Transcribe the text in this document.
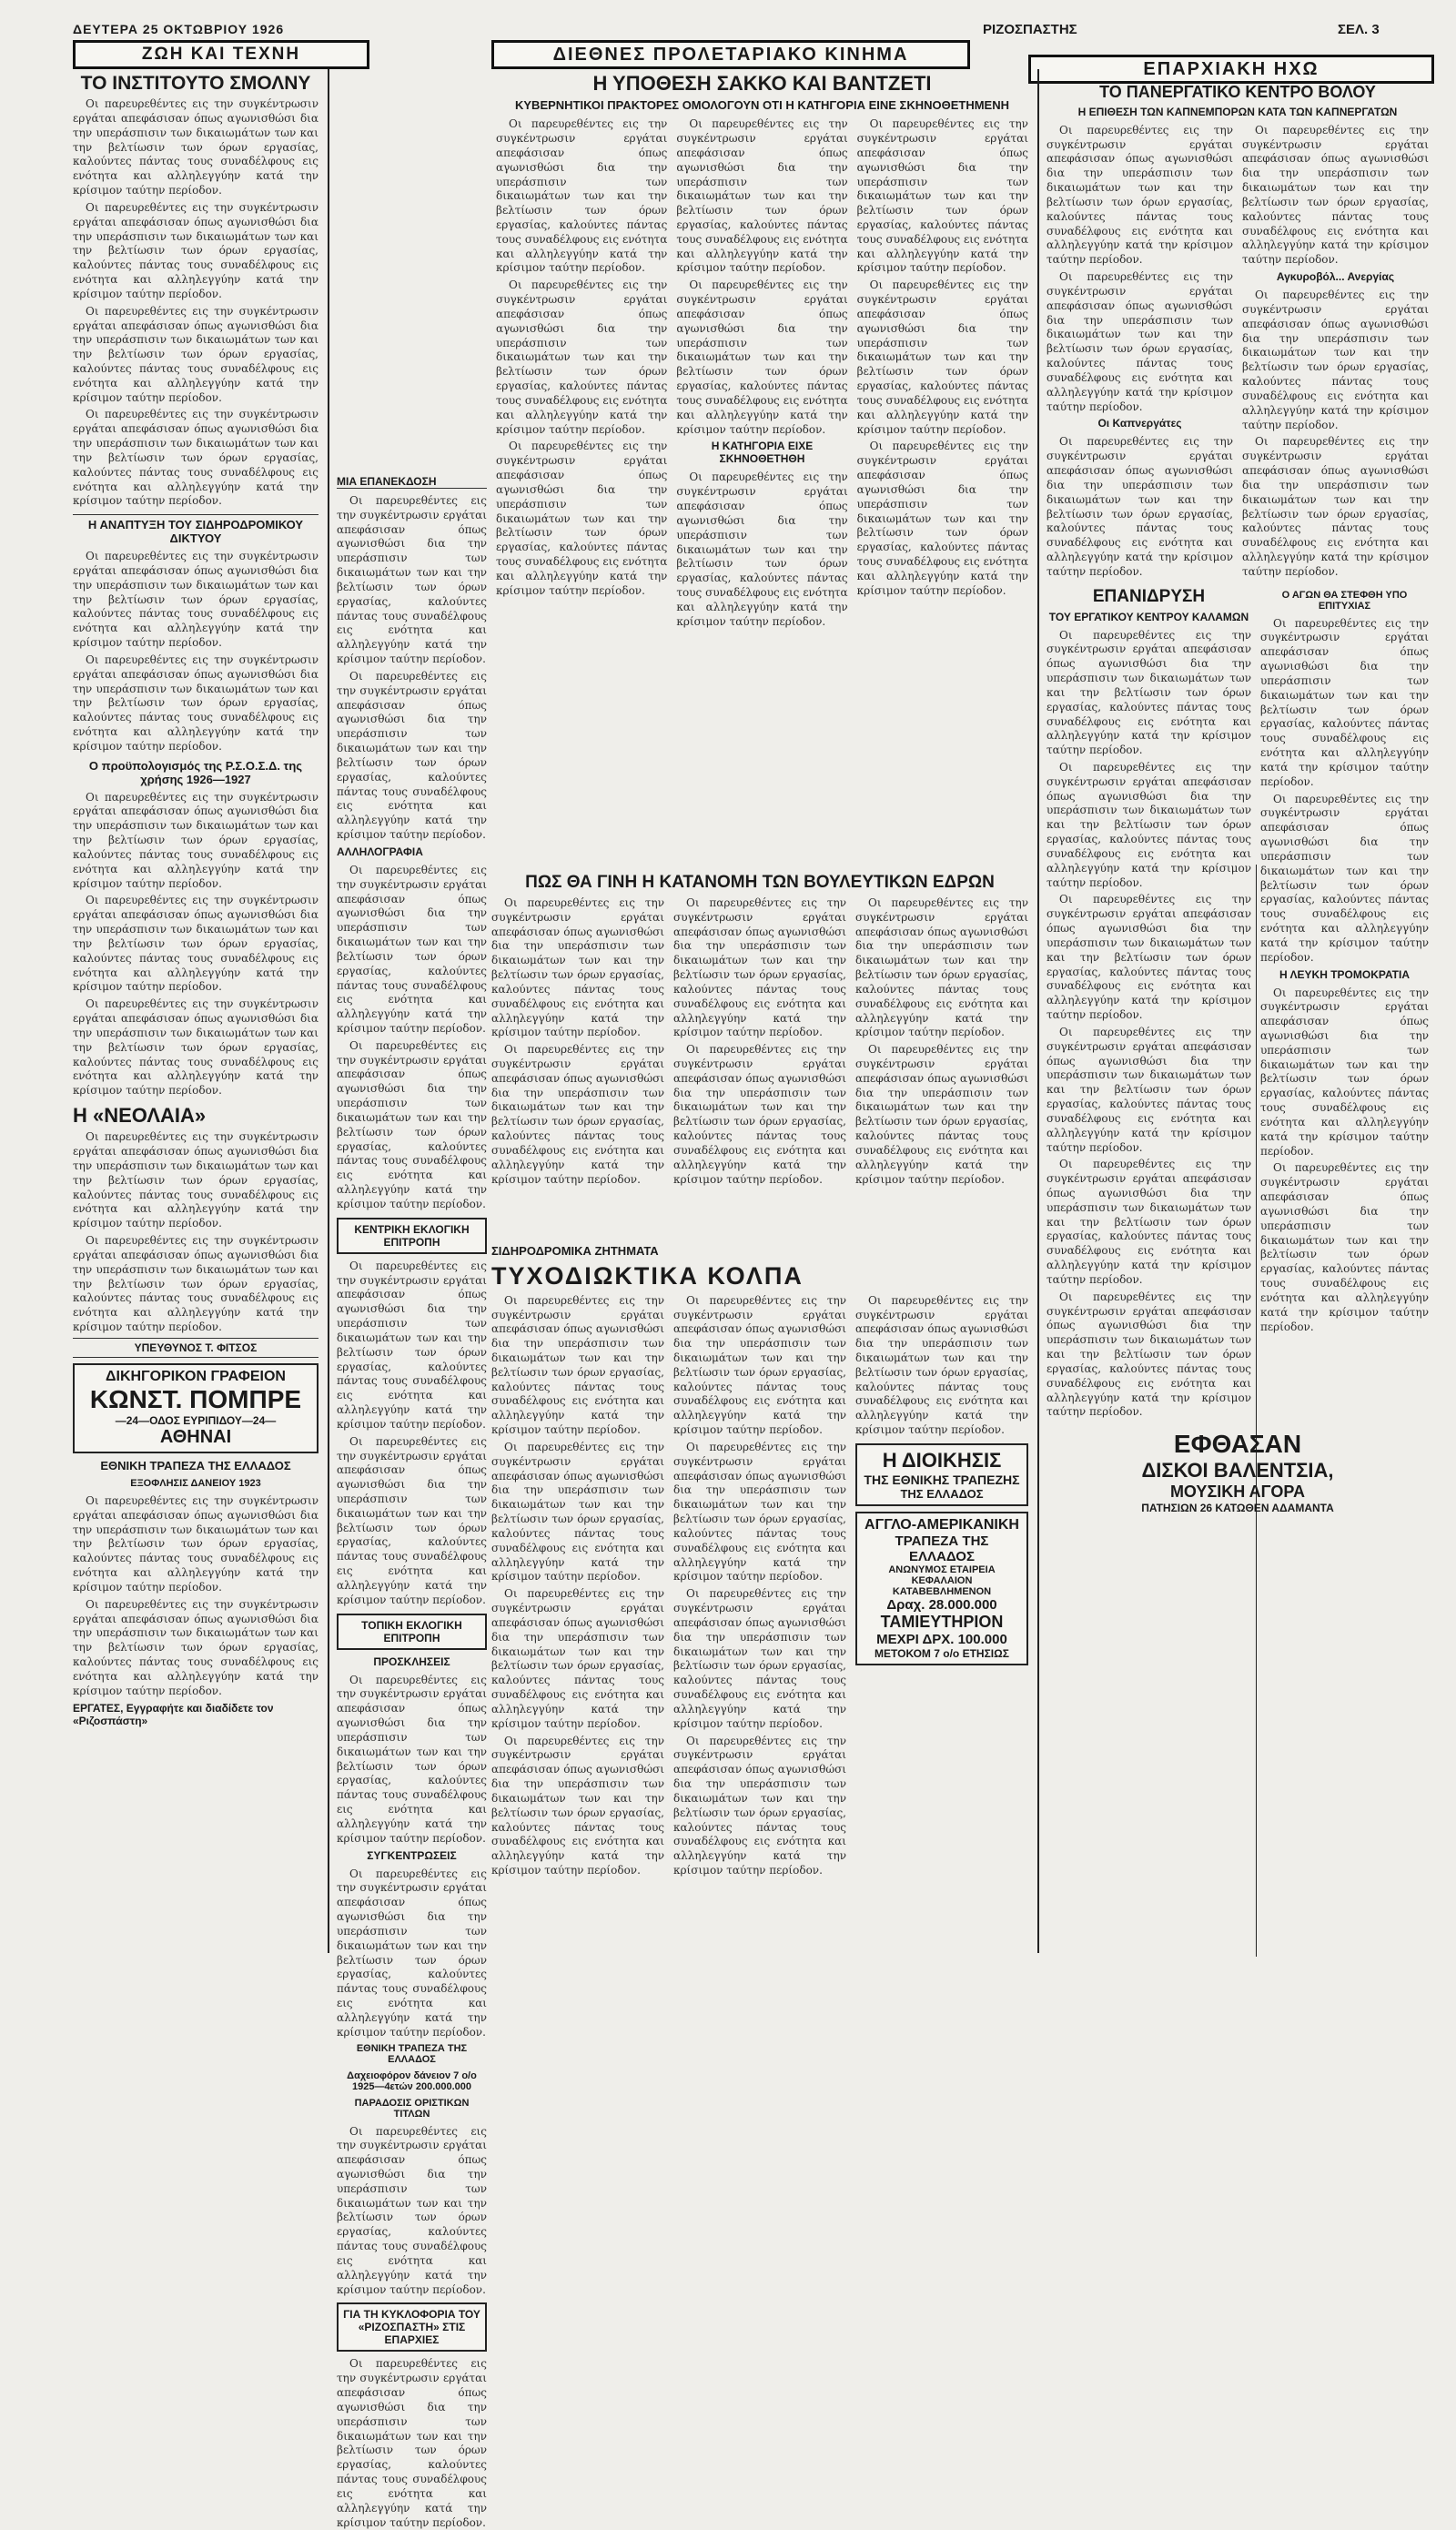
ΔΕΥΤΕΡΑ 25 ΟΚΤΩΒΡΙΟΥ 1926	ΡΙΖΟΣΠΑΣΤΗΣ	ΣΕΛ. 3
ΖΩΗ ΚΑΙ ΤΕΧΝΗ	ΔΙΕΘΝΕΣ ΠΡΟΛΕΤΑΡΙΑΚΟ ΚΙΝΗΜΑ
ΕΠΑΡΧΙΑΚΗ ΗΧΩ
ΤΟ ΙΝΣΤΙΤΟΥΤΟ ΣΜΟΛΝΥ

Οι παρευρεθέντες εις την συγκέντρωσιν εργάται απεφάσισαν όπως αγωνισθώσι δια την υπεράσπισιν των δικαιωμάτων των και την βελτίωσιν των όρων εργασίας, καλούντες πάντας τους συναδέλφους εις ενότητα και αλληλεγγύην κατά την κρίσιμον ταύτην περίοδον.

Οι παρευρεθέντες εις την συγκέντρωσιν εργάται απεφάσισαν όπως αγωνισθώσι δια την υπεράσπισιν των δικαιωμάτων των και την βελτίωσιν των όρων εργασίας, καλούντες πάντας τους συναδέλφους εις ενότητα και αλληλεγγύην κατά την κρίσιμον ταύτην περίοδον.

Οι παρευρεθέντες εις την συγκέντρωσιν εργάται απεφάσισαν όπως αγωνισθώσι δια την υπεράσπισιν των δικαιωμάτων των και την βελτίωσιν των όρων εργασίας, καλούντες πάντας τους συναδέλφους εις ενότητα και αλληλεγγύην κατά την κρίσιμον ταύτην περίοδον.

Οι παρευρεθέντες εις την συγκέντρωσιν εργάται απεφάσισαν όπως αγωνισθώσι δια την υπεράσπισιν των δικαιωμάτων των και την βελτίωσιν των όρων εργασίας, καλούντες πάντας τους συναδέλφους εις ενότητα και αλληλεγγύην κατά την κρίσιμον ταύτην περίοδον.

Η ΑΝΑΠΤΥΞΗ ΤΟΥ ΣΙΔΗΡΟΔΡΟΜΙΚΟΥ ΔΙΚΤΥΟΥ

Οι παρευρεθέντες εις την συγκέντρωσιν εργάται απεφάσισαν όπως αγωνισθώσι δια την υπεράσπισιν των δικαιωμάτων των και την βελτίωσιν των όρων εργασίας, καλούντες πάντας τους συναδέλφους εις ενότητα και αλληλεγγύην κατά την κρίσιμον ταύτην περίοδον.

Οι παρευρεθέντες εις την συγκέντρωσιν εργάται απεφάσισαν όπως αγωνισθώσι δια την υπεράσπισιν των δικαιωμάτων των και την βελτίωσιν των όρων εργασίας, καλούντες πάντας τους συναδέλφους εις ενότητα και αλληλεγγύην κατά την κρίσιμον ταύτην περίοδον.

Ο προϋπολογισμός της Ρ.Σ.Ο.Σ.Δ. της χρήσης 1926—1927

Οι παρευρεθέντες εις την συγκέντρωσιν εργάται απεφάσισαν όπως αγωνισθώσι δια την υπεράσπισιν των δικαιωμάτων των και την βελτίωσιν των όρων εργασίας, καλούντες πάντας τους συναδέλφους εις ενότητα και αλληλεγγύην κατά την κρίσιμον ταύτην περίοδον.

Οι παρευρεθέντες εις την συγκέντρωσιν εργάται απεφάσισαν όπως αγωνισθώσι δια την υπεράσπισιν των δικαιωμάτων των και την βελτίωσιν των όρων εργασίας, καλούντες πάντας τους συναδέλφους εις ενότητα και αλληλεγγύην κατά την κρίσιμον ταύτην περίοδον.

Οι παρευρεθέντες εις την συγκέντρωσιν εργάται απεφάσισαν όπως αγωνισθώσι δια την υπεράσπισιν των δικαιωμάτων των και την βελτίωσιν των όρων εργασίας, καλούντες πάντας τους συναδέλφους εις ενότητα και αλληλεγγύην κατά την κρίσιμον ταύτην περίοδον.

Η «ΝΕΟΛΑΙΑ»

Οι παρευρεθέντες εις την συγκέντρωσιν εργάται απεφάσισαν όπως αγωνισθώσι δια την υπεράσπισιν των δικαιωμάτων των και την βελτίωσιν των όρων εργασίας, καλούντες πάντας τους συναδέλφους εις ενότητα και αλληλεγγύην κατά την κρίσιμον ταύτην περίοδον.

Οι παρευρεθέντες εις την συγκέντρωσιν εργάται απεφάσισαν όπως αγωνισθώσι δια την υπεράσπισιν των δικαιωμάτων των και την βελτίωσιν των όρων εργασίας, καλούντες πάντας τους συναδέλφους εις ενότητα και αλληλεγγύην κατά την κρίσιμον ταύτην περίοδον.

ΥΠΕΥΘΥΝΟΣ Τ. ΦΙΤΣΟΣ
ΔΙΚΗΓΟΡΙΚΟΝ ΓΡΑΦΕΙΟΝ
ΚΩΝΣΤ. ΠΟΜΠΡΕ
—24—ΟΔΟΣ ΕΥΡΙΠΙΔΟΥ—24—
ΑΘΗΝΑΙ
ΕΘΝΙΚΗ ΤΡΑΠΕΖΑ ΤΗΣ ΕΛΛΑΔΟΣ
ΕΞΟΦΛΗΣΙΣ ΔΑΝΕΙΟΥ 1923

Οι παρευρεθέντες εις την συγκέντρωσιν εργάται απεφάσισαν όπως αγωνισθώσι δια την υπεράσπισιν των δικαιωμάτων των και την βελτίωσιν των όρων εργασίας, καλούντες πάντας τους συναδέλφους εις ενότητα και αλληλεγγύην κατά την κρίσιμον ταύτην περίοδον.

Οι παρευρεθέντες εις την συγκέντρωσιν εργάται απεφάσισαν όπως αγωνισθώσι δια την υπεράσπισιν των δικαιωμάτων των και την βελτίωσιν των όρων εργασίας, καλούντες πάντας τους συναδέλφους εις ενότητα και αλληλεγγύην κατά την κρίσιμον ταύτην περίοδον.

ΕΡΓΑΤΕΣ, Εγγραφήτε και διαδίδετε τον «Ριζοσπάστη»
Η ΥΠΟΘΕΣΗ ΣΑΚΚΟ ΚΑΙ ΒΑΝΤΖΕΤΙ
ΚΥΒΕΡΝΗΤΙΚΟΙ ΠΡΑΚΤΟΡΕΣ ΟΜΟΛΟΓΟΥΝ ΟΤΙ Η ΚΑΤΗΓΟΡΙΑ ΕΙΝΕ ΣΚΗΝΟΘΕΤΗΜΕΝΗ

Οι παρευρεθέντες εις την συγκέντρωσιν εργάται απεφάσισαν όπως αγωνισθώσι δια την υπεράσπισιν των δικαιωμάτων των και την βελτίωσιν των όρων εργασίας, καλούντες πάντας τους συναδέλφους εις ενότητα και αλληλεγγύην κατά την κρίσιμον ταύτην περίοδον.

Οι παρευρεθέντες εις την συγκέντρωσιν εργάται απεφάσισαν όπως αγωνισθώσι δια την υπεράσπισιν των δικαιωμάτων των και την βελτίωσιν των όρων εργασίας, καλούντες πάντας τους συναδέλφους εις ενότητα και αλληλεγγύην κατά την κρίσιμον ταύτην περίοδον.

Οι παρευρεθέντες εις την συγκέντρωσιν εργάται απεφάσισαν όπως αγωνισθώσι δια την υπεράσπισιν των δικαιωμάτων των και την βελτίωσιν των όρων εργασίας, καλούντες πάντας τους συναδέλφους εις ενότητα και αλληλεγγύην κατά την κρίσιμον ταύτην περίοδον.

Οι παρευρεθέντες εις την συγκέντρωσιν εργάται απεφάσισαν όπως αγωνισθώσι δια την υπεράσπισιν των δικαιωμάτων των και την βελτίωσιν των όρων εργασίας, καλούντες πάντας τους συναδέλφους εις ενότητα και αλληλεγγύην κατά την κρίσιμον ταύτην περίοδον.

Οι παρευρεθέντες εις την συγκέντρωσιν εργάται απεφάσισαν όπως αγωνισθώσι δια την υπεράσπισιν των δικαιωμάτων των και την βελτίωσιν των όρων εργασίας, καλούντες πάντας τους συναδέλφους εις ενότητα και αλληλεγγύην κατά την κρίσιμον ταύτην περίοδον.

Η ΚΑΤΗΓΟΡΙΑ ΕΙΧΕ ΣΚΗΝΟΘΕΤΗΘΗ

Οι παρευρεθέντες εις την συγκέντρωσιν εργάται απεφάσισαν όπως αγωνισθώσι δια την υπεράσπισιν των δικαιωμάτων των και την βελτίωσιν των όρων εργασίας, καλούντες πάντας τους συναδέλφους εις ενότητα και αλληλεγγύην κατά την κρίσιμον ταύτην περίοδον.

Οι παρευρεθέντες εις την συγκέντρωσιν εργάται απεφάσισαν όπως αγωνισθώσι δια την υπεράσπισιν των δικαιωμάτων των και την βελτίωσιν των όρων εργασίας, καλούντες πάντας τους συναδέλφους εις ενότητα και αλληλεγγύην κατά την κρίσιμον ταύτην περίοδον.

Οι παρευρεθέντες εις την συγκέντρωσιν εργάται απεφάσισαν όπως αγωνισθώσι δια την υπεράσπισιν των δικαιωμάτων των και την βελτίωσιν των όρων εργασίας, καλούντες πάντας τους συναδέλφους εις ενότητα και αλληλεγγύην κατά την κρίσιμον ταύτην περίοδον.

Οι παρευρεθέντες εις την συγκέντρωσιν εργάται απεφάσισαν όπως αγωνισθώσι δια την υπεράσπισιν των δικαιωμάτων των και την βελτίωσιν των όρων εργασίας, καλούντες πάντας τους συναδέλφους εις ενότητα και αλληλεγγύην κατά την κρίσιμον ταύτην περίοδον.

ΜΙΑ ΕΠΑΝΕΚΔΟΣΗ

Οι παρευρεθέντες εις την συγκέντρωσιν εργάται απεφάσισαν όπως αγωνισθώσι δια την υπεράσπισιν των δικαιωμάτων των και την βελτίωσιν των όρων εργασίας, καλούντες πάντας τους συναδέλφους εις ενότητα και αλληλεγγύην κατά την κρίσιμον ταύτην περίοδον.

Οι παρευρεθέντες εις την συγκέντρωσιν εργάται απεφάσισαν όπως αγωνισθώσι δια την υπεράσπισιν των δικαιωμάτων των και την βελτίωσιν των όρων εργασίας, καλούντες πάντας τους συναδέλφους εις ενότητα και αλληλεγγύην κατά την κρίσιμον ταύτην περίοδον.

ΑΛΛΗΛΟΓΡΑΦΙΑ

Οι παρευρεθέντες εις την συγκέντρωσιν εργάται απεφάσισαν όπως αγωνισθώσι δια την υπεράσπισιν των δικαιωμάτων των και την βελτίωσιν των όρων εργασίας, καλούντες πάντας τους συναδέλφους εις ενότητα και αλληλεγγύην κατά την κρίσιμον ταύτην περίοδον.

Οι παρευρεθέντες εις την συγκέντρωσιν εργάται απεφάσισαν όπως αγωνισθώσι δια την υπεράσπισιν των δικαιωμάτων των και την βελτίωσιν των όρων εργασίας, καλούντες πάντας τους συναδέλφους εις ενότητα και αλληλεγγύην κατά την κρίσιμον ταύτην περίοδον.

ΚΕΝΤΡΙΚΗ ΕΚΛΟΓΙΚΗ ΕΠΙΤΡΟΠΗ

Οι παρευρεθέντες εις την συγκέντρωσιν εργάται απεφάσισαν όπως αγωνισθώσι δια την υπεράσπισιν των δικαιωμάτων των και την βελτίωσιν των όρων εργασίας, καλούντες πάντας τους συναδέλφους εις ενότητα και αλληλεγγύην κατά την κρίσιμον ταύτην περίοδον.

Οι παρευρεθέντες εις την συγκέντρωσιν εργάται απεφάσισαν όπως αγωνισθώσι δια την υπεράσπισιν των δικαιωμάτων των και την βελτίωσιν των όρων εργασίας, καλούντες πάντας τους συναδέλφους εις ενότητα και αλληλεγγύην κατά την κρίσιμον ταύτην περίοδον.

ΤΟΠΙΚΗ ΕΚΛΟΓΙΚΗ ΕΠΙΤΡΟΠΗ
ΠΡΟΣΚΛΗΣΕΙΣ

Οι παρευρεθέντες εις την συγκέντρωσιν εργάται απεφάσισαν όπως αγωνισθώσι δια την υπεράσπισιν των δικαιωμάτων των και την βελτίωσιν των όρων εργασίας, καλούντες πάντας τους συναδέλφους εις ενότητα και αλληλεγγύην κατά την κρίσιμον ταύτην περίοδον.

ΣΥΓΚΕΝΤΡΩΣΕΙΣ

Οι παρευρεθέντες εις την συγκέντρωσιν εργάται απεφάσισαν όπως αγωνισθώσι δια την υπεράσπισιν των δικαιωμάτων των και την βελτίωσιν των όρων εργασίας, καλούντες πάντας τους συναδέλφους εις ενότητα και αλληλεγγύην κατά την κρίσιμον ταύτην περίοδον.

ΕΘΝΙΚΗ ΤΡΑΠΕΖΑ ΤΗΣ ΕΛΛΑΔΟΣ
Δαχειοφόρον δάνειον 7 ο/ο 1925—4ετών 200.000.000
ΠΑΡΑΔΟΣΙΣ ΟΡΙΣΤΙΚΩΝ ΤΙΤΛΩΝ

Οι παρευρεθέντες εις την συγκέντρωσιν εργάται απεφάσισαν όπως αγωνισθώσι δια την υπεράσπισιν των δικαιωμάτων των και την βελτίωσιν των όρων εργασίας, καλούντες πάντας τους συναδέλφους εις ενότητα και αλληλεγγύην κατά την κρίσιμον ταύτην περίοδον.

ΓΙΑ ΤΗ ΚΥΚΛΟΦΟΡΙΑ ΤΟΥ «ΡΙΖΟΣΠΑΣΤΗ» ΣΤΙΣ ΕΠΑΡΧΙΕΣ

Οι παρευρεθέντες εις την συγκέντρωσιν εργάται απεφάσισαν όπως αγωνισθώσι δια την υπεράσπισιν των δικαιωμάτων των και την βελτίωσιν των όρων εργασίας, καλούντες πάντας τους συναδέλφους εις ενότητα και αλληλεγγύην κατά την κρίσιμον ταύτην περίοδον.

ΠΩΣ ΘΑ ΓΙΝΗ Η ΚΑΤΑΝΟΜΗ ΤΩΝ ΒΟΥΛΕΥΤΙΚΩΝ ΕΔΡΩΝ

Οι παρευρεθέντες εις την συγκέντρωσιν εργάται απεφάσισαν όπως αγωνισθώσι δια την υπεράσπισιν των δικαιωμάτων των και την βελτίωσιν των όρων εργασίας, καλούντες πάντας τους συναδέλφους εις ενότητα και αλληλεγγύην κατά την κρίσιμον ταύτην περίοδον.

Οι παρευρεθέντες εις την συγκέντρωσιν εργάται απεφάσισαν όπως αγωνισθώσι δια την υπεράσπισιν των δικαιωμάτων των και την βελτίωσιν των όρων εργασίας, καλούντες πάντας τους συναδέλφους εις ενότητα και αλληλεγγύην κατά την κρίσιμον ταύτην περίοδον.

Οι παρευρεθέντες εις την συγκέντρωσιν εργάται απεφάσισαν όπως αγωνισθώσι δια την υπεράσπισιν των δικαιωμάτων των και την βελτίωσιν των όρων εργασίας, καλούντες πάντας τους συναδέλφους εις ενότητα και αλληλεγγύην κατά την κρίσιμον ταύτην περίοδον.

Οι παρευρεθέντες εις την συγκέντρωσιν εργάται απεφάσισαν όπως αγωνισθώσι δια την υπεράσπισιν των δικαιωμάτων των και την βελτίωσιν των όρων εργασίας, καλούντες πάντας τους συναδέλφους εις ενότητα και αλληλεγγύην κατά την κρίσιμον ταύτην περίοδον.

Οι παρευρεθέντες εις την συγκέντρωσιν εργάται απεφάσισαν όπως αγωνισθώσι δια την υπεράσπισιν των δικαιωμάτων των και την βελτίωσιν των όρων εργασίας, καλούντες πάντας τους συναδέλφους εις ενότητα και αλληλεγγύην κατά την κρίσιμον ταύτην περίοδον.

Οι παρευρεθέντες εις την συγκέντρωσιν εργάται απεφάσισαν όπως αγωνισθώσι δια την υπεράσπισιν των δικαιωμάτων των και την βελτίωσιν των όρων εργασίας, καλούντες πάντας τους συναδέλφους εις ενότητα και αλληλεγγύην κατά την κρίσιμον ταύτην περίοδον.

ΣΙΔΗΡΟΔΡΟΜΙΚΑ ΖΗΤΗΜΑΤΑ
ΤΥΧΟΔΙΩΚΤΙΚΑ ΚΟΛΠΑ

Οι παρευρεθέντες εις την συγκέντρωσιν εργάται απεφάσισαν όπως αγωνισθώσι δια την υπεράσπισιν των δικαιωμάτων των και την βελτίωσιν των όρων εργασίας, καλούντες πάντας τους συναδέλφους εις ενότητα και αλληλεγγύην κατά την κρίσιμον ταύτην περίοδον.

Οι παρευρεθέντες εις την συγκέντρωσιν εργάται απεφάσισαν όπως αγωνισθώσι δια την υπεράσπισιν των δικαιωμάτων των και την βελτίωσιν των όρων εργασίας, καλούντες πάντας τους συναδέλφους εις ενότητα και αλληλεγγύην κατά την κρίσιμον ταύτην περίοδον.

Οι παρευρεθέντες εις την συγκέντρωσιν εργάται απεφάσισαν όπως αγωνισθώσι δια την υπεράσπισιν των δικαιωμάτων των και την βελτίωσιν των όρων εργασίας, καλούντες πάντας τους συναδέλφους εις ενότητα και αλληλεγγύην κατά την κρίσιμον ταύτην περίοδον.

Οι παρευρεθέντες εις την συγκέντρωσιν εργάται απεφάσισαν όπως αγωνισθώσι δια την υπεράσπισιν των δικαιωμάτων των και την βελτίωσιν των όρων εργασίας, καλούντες πάντας τους συναδέλφους εις ενότητα και αλληλεγγύην κατά την κρίσιμον ταύτην περίοδον.

Οι παρευρεθέντες εις την συγκέντρωσιν εργάται απεφάσισαν όπως αγωνισθώσι δια την υπεράσπισιν των δικαιωμάτων των και την βελτίωσιν των όρων εργασίας, καλούντες πάντας τους συναδέλφους εις ενότητα και αλληλεγγύην κατά την κρίσιμον ταύτην περίοδον.

Οι παρευρεθέντες εις την συγκέντρωσιν εργάται απεφάσισαν όπως αγωνισθώσι δια την υπεράσπισιν των δικαιωμάτων των και την βελτίωσιν των όρων εργασίας, καλούντες πάντας τους συναδέλφους εις ενότητα και αλληλεγγύην κατά την κρίσιμον ταύτην περίοδον.

Οι παρευρεθέντες εις την συγκέντρωσιν εργάται απεφάσισαν όπως αγωνισθώσι δια την υπεράσπισιν των δικαιωμάτων των και την βελτίωσιν των όρων εργασίας, καλούντες πάντας τους συναδέλφους εις ενότητα και αλληλεγγύην κατά την κρίσιμον ταύτην περίοδον.

Οι παρευρεθέντες εις την συγκέντρωσιν εργάται απεφάσισαν όπως αγωνισθώσι δια την υπεράσπισιν των δικαιωμάτων των και την βελτίωσιν των όρων εργασίας, καλούντες πάντας τους συναδέλφους εις ενότητα και αλληλεγγύην κατά την κρίσιμον ταύτην περίοδον.

Οι παρευρεθέντες εις την συγκέντρωσιν εργάται απεφάσισαν όπως αγωνισθώσι δια την υπεράσπισιν των δικαιωμάτων των και την βελτίωσιν των όρων εργασίας, καλούντες πάντας τους συναδέλφους εις ενότητα και αλληλεγγύην κατά την κρίσιμον ταύτην περίοδον.

Η ΔΙΟΙΚΗΣΙΣ
ΤΗΣ ΕΘΝΙΚΗΣ ΤΡΑΠΕΖΗΣ
ΤΗΣ ΕΛΛΑΔΟΣ
ΑΓΓΛΟ-ΑΜΕΡΙΚΑΝΙΚΗ
ΤΡΑΠΕΖΑ ΤΗΣ ΕΛΛΑΔΟΣ
ΑΝΩΝΥΜΟΣ ΕΤΑΙΡΕΙΑ
ΚΕΦΑΛΑΙΟΝ ΚΑΤΑΒΕΒΛΗΜΕΝΟΝ
Δραχ. 28.000.000
ΤΑΜΙΕΥΤΗΡΙΟΝ
ΜΕΧΡΙ ΔΡΧ. 100.000
ΜΕΤΟΚΟΜ 7 ο/ο ΕΤΗΣΙΩΣ
ΤΟ ΠΑΝΕΡΓΑΤΙΚΟ ΚΕΝΤΡΟ ΒΟΛΟΥ
Η ΕΠΙΘΕΣΗ ΤΩΝ ΚΑΠΝΕΜΠΟΡΩΝ ΚΑΤΑ ΤΩΝ ΚΑΠΝΕΡΓΑΤΩΝ

Οι παρευρεθέντες εις την συγκέντρωσιν εργάται απεφάσισαν όπως αγωνισθώσι δια την υπεράσπισιν των δικαιωμάτων των και την βελτίωσιν των όρων εργασίας, καλούντες πάντας τους συναδέλφους εις ενότητα και αλληλεγγύην κατά την κρίσιμον ταύτην περίοδον.

Οι παρευρεθέντες εις την συγκέντρωσιν εργάται απεφάσισαν όπως αγωνισθώσι δια την υπεράσπισιν των δικαιωμάτων των και την βελτίωσιν των όρων εργασίας, καλούντες πάντας τους συναδέλφους εις ενότητα και αλληλεγγύην κατά την κρίσιμον ταύτην περίοδον.

Οι Καπνεργάτες

Οι παρευρεθέντες εις την συγκέντρωσιν εργάται απεφάσισαν όπως αγωνισθώσι δια την υπεράσπισιν των δικαιωμάτων των και την βελτίωσιν των όρων εργασίας, καλούντες πάντας τους συναδέλφους εις ενότητα και αλληλεγγύην κατά την κρίσιμον ταύτην περίοδον.

Οι παρευρεθέντες εις την συγκέντρωσιν εργάται απεφάσισαν όπως αγωνισθώσι δια την υπεράσπισιν των δικαιωμάτων των και την βελτίωσιν των όρων εργασίας, καλούντες πάντας τους συναδέλφους εις ενότητα και αλληλεγγύην κατά την κρίσιμον ταύτην περίοδον.

Αγκυροβόλ... Ανεργίας

Οι παρευρεθέντες εις την συγκέντρωσιν εργάται απεφάσισαν όπως αγωνισθώσι δια την υπεράσπισιν των δικαιωμάτων των και την βελτίωσιν των όρων εργασίας, καλούντες πάντας τους συναδέλφους εις ενότητα και αλληλεγγύην κατά την κρίσιμον ταύτην περίοδον.

Οι παρευρεθέντες εις την συγκέντρωσιν εργάται απεφάσισαν όπως αγωνισθώσι δια την υπεράσπισιν των δικαιωμάτων των και την βελτίωσιν των όρων εργασίας, καλούντες πάντας τους συναδέλφους εις ενότητα και αλληλεγγύην κατά την κρίσιμον ταύτην περίοδον.

ΕΠΑΝΙΔΡΥΣΗ
ΤΟΥ ΕΡΓΑΤΙΚΟΥ ΚΕΝΤΡΟΥ ΚΑΛΑΜΩΝ

Οι παρευρεθέντες εις την συγκέντρωσιν εργάται απεφάσισαν όπως αγωνισθώσι δια την υπεράσπισιν των δικαιωμάτων των και την βελτίωσιν των όρων εργασίας, καλούντες πάντας τους συναδέλφους εις ενότητα και αλληλεγγύην κατά την κρίσιμον ταύτην περίοδον.

Οι παρευρεθέντες εις την συγκέντρωσιν εργάται απεφάσισαν όπως αγωνισθώσι δια την υπεράσπισιν των δικαιωμάτων των και την βελτίωσιν των όρων εργασίας, καλούντες πάντας τους συναδέλφους εις ενότητα και αλληλεγγύην κατά την κρίσιμον ταύτην περίοδον.

Οι παρευρεθέντες εις την συγκέντρωσιν εργάται απεφάσισαν όπως αγωνισθώσι δια την υπεράσπισιν των δικαιωμάτων των και την βελτίωσιν των όρων εργασίας, καλούντες πάντας τους συναδέλφους εις ενότητα και αλληλεγγύην κατά την κρίσιμον ταύτην περίοδον.

Οι παρευρεθέντες εις την συγκέντρωσιν εργάται απεφάσισαν όπως αγωνισθώσι δια την υπεράσπισιν των δικαιωμάτων των και την βελτίωσιν των όρων εργασίας, καλούντες πάντας τους συναδέλφους εις ενότητα και αλληλεγγύην κατά την κρίσιμον ταύτην περίοδον.

Οι παρευρεθέντες εις την συγκέντρωσιν εργάται απεφάσισαν όπως αγωνισθώσι δια την υπεράσπισιν των δικαιωμάτων των και την βελτίωσιν των όρων εργασίας, καλούντες πάντας τους συναδέλφους εις ενότητα και αλληλεγγύην κατά την κρίσιμον ταύτην περίοδον.

Οι παρευρεθέντες εις την συγκέντρωσιν εργάται απεφάσισαν όπως αγωνισθώσι δια την υπεράσπισιν των δικαιωμάτων των και την βελτίωσιν των όρων εργασίας, καλούντες πάντας τους συναδέλφους εις ενότητα και αλληλεγγύην κατά την κρίσιμον ταύτην περίοδον.

Ο ΑΓΩΝ ΘΑ ΣΤΕΦΘΗ ΥΠΟ ΕΠΙΤΥΧΙΑΣ

Οι παρευρεθέντες εις την συγκέντρωσιν εργάται απεφάσισαν όπως αγωνισθώσι δια την υπεράσπισιν των δικαιωμάτων των και την βελτίωσιν των όρων εργασίας, καλούντες πάντας τους συναδέλφους εις ενότητα και αλληλεγγύην κατά την κρίσιμον ταύτην περίοδον.

Οι παρευρεθέντες εις την συγκέντρωσιν εργάται απεφάσισαν όπως αγωνισθώσι δια την υπεράσπισιν των δικαιωμάτων των και την βελτίωσιν των όρων εργασίας, καλούντες πάντας τους συναδέλφους εις ενότητα και αλληλεγγύην κατά την κρίσιμον ταύτην περίοδον.

Η ΛΕΥΚΗ ΤΡΟΜΟΚΡΑΤΙΑ

Οι παρευρεθέντες εις την συγκέντρωσιν εργάται απεφάσισαν όπως αγωνισθώσι δια την υπεράσπισιν των δικαιωμάτων των και την βελτίωσιν των όρων εργασίας, καλούντες πάντας τους συναδέλφους εις ενότητα και αλληλεγγύην κατά την κρίσιμον ταύτην περίοδον.

Οι παρευρεθέντες εις την συγκέντρωσιν εργάται απεφάσισαν όπως αγωνισθώσι δια την υπεράσπισιν των δικαιωμάτων των και την βελτίωσιν των όρων εργασίας, καλούντες πάντας τους συναδέλφους εις ενότητα και αλληλεγγύην κατά την κρίσιμον ταύτην περίοδον.

ΕΦΘΑΣΑΝ
ΔΙΣΚΟΙ ΒΑΛΕΝΤΣΙΑ,
ΜΟΥΣΙΚΗ ΑΓΟΡΑ
ΠΑΤΗΣΙΩΝ 26 ΚΑΤΩΘΕΝ ΑΔΑΜΑΝΤΑ
